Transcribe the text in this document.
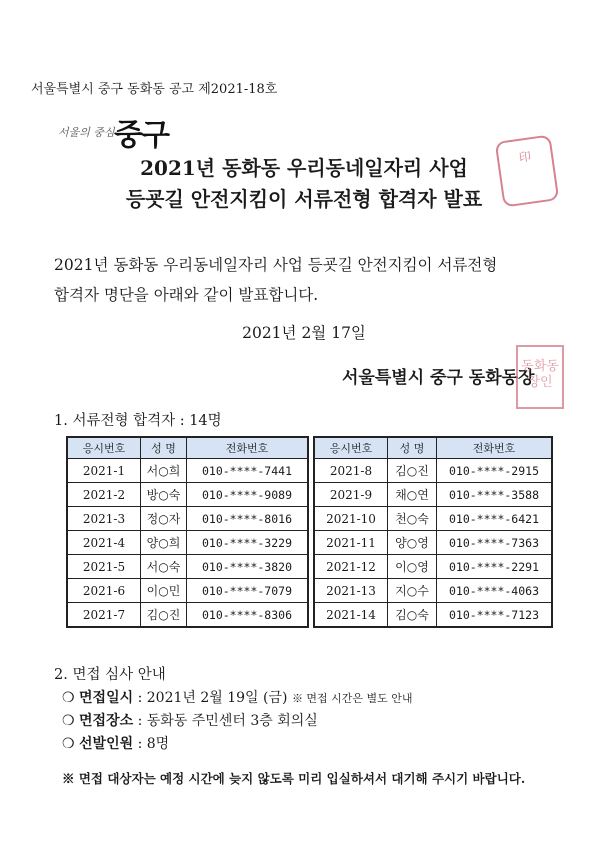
서울특별시 중구 동화동 공고 제2021-18호
서울의 중심 중구
2021년 동화동 우리동네일자리 사업
등굣길 안전지킴이 서류전형 합격자 발표
印
2021년 동화동 우리동네일자리 사업 등굣길 안전지킴이 서류전형
합격자 명단을 아래와 같이 발표합니다.
2021년 2월 17일
서울특별시 중구 동화동장
동화동장인
1. 서류전형 합격자 : 14명
응시번호	성 명	전화번호
2021-1	서○희	010-****-7441
2021-2	방○숙	010-****-9089
2021-3	정○자	010-****-8016
2021-4	양○희	010-****-3229
2021-5	서○숙	010-****-3820
2021-6	이○민	010-****-7079
2021-7	김○진	010-****-8306
응시번호	성 명	전화번호
2021-8	김○진	010-****-2915
2021-9	채○연	010-****-3588
2021-10	천○숙	010-****-6421
2021-11	양○영	010-****-7363
2021-12	이○영	010-****-2291
2021-13	지○수	010-****-4063
2021-14	김○숙	010-****-7123
2. 면접 심사 안내
❍ 면접일시 : 2021년 2월 19일 (금) ※ 면접 시간은 별도 안내
❍ 면접장소 : 동화동 주민센터 3층 회의실
❍ 선발인원 : 8명
※ 면접 대상자는 예정 시간에 늦지 않도록 미리 입실하셔서 대기해 주시기 바랍니다.
